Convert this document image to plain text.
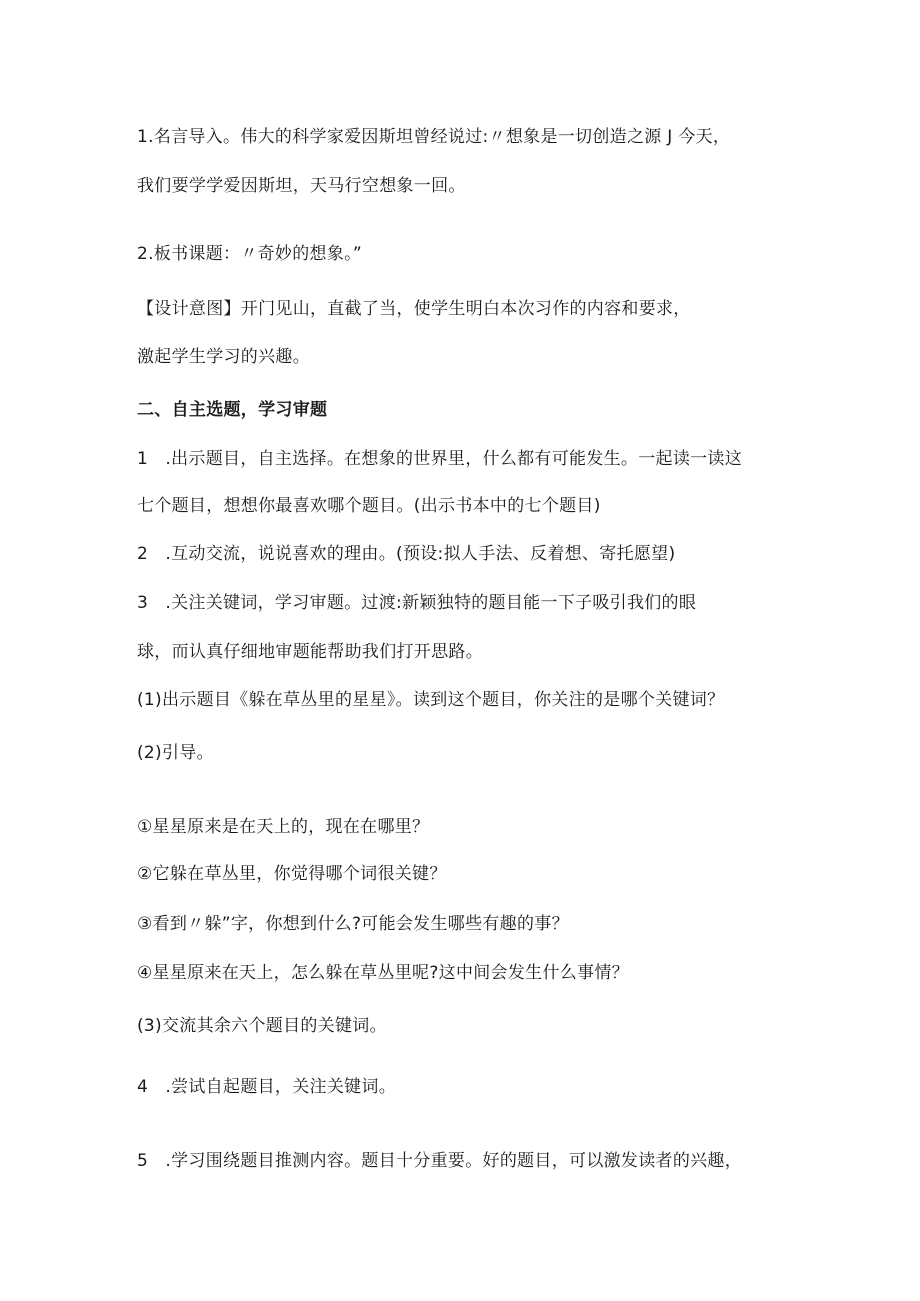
1.名言导入。伟大的科学家爱因斯坦曾经说过:〃想象是一切创造之源 J 今天，
我们要学学爱因斯坦，天马行空想象一回。
2.板书课题：〃奇妙的想象。”
【设计意图】开门见山，直截了当，使学生明白本次习作的内容和要求，
激起学生学习的兴趣。
二、自主选题，学习审题
1　.出示题目，自主选择。在想象的世界里，什么都有可能发生。一起读一读这
七个题目，想想你最喜欢哪个题目。(出示书本中的七个题目)
2　.互动交流，说说喜欢的理由。(预设:拟人手法、反着想、寄托愿望)
3　.关注关键词，学习审题。过渡:新颖独特的题目能一下子吸引我们的眼
球，而认真仔细地审题能帮助我们打开思路。
(1)出示题目《躲在草丛里的星星》。读到这个题目，你关注的是哪个关键词？
(2)引导。
①星星原来是在天上的，现在在哪里？
②它躲在草丛里，你觉得哪个词很关键？
③看到〃躲”字，你想到什么?可能会发生哪些有趣的事？
④星星原来在天上，怎么躲在草丛里呢?这中间会发生什么事情？
(3)交流其余六个题目的关键词。
4　.尝试自起题目，关注关键词。
5　.学习围绕题目推测内容。题目十分重要。好的题目，可以激发读者的兴趣，
